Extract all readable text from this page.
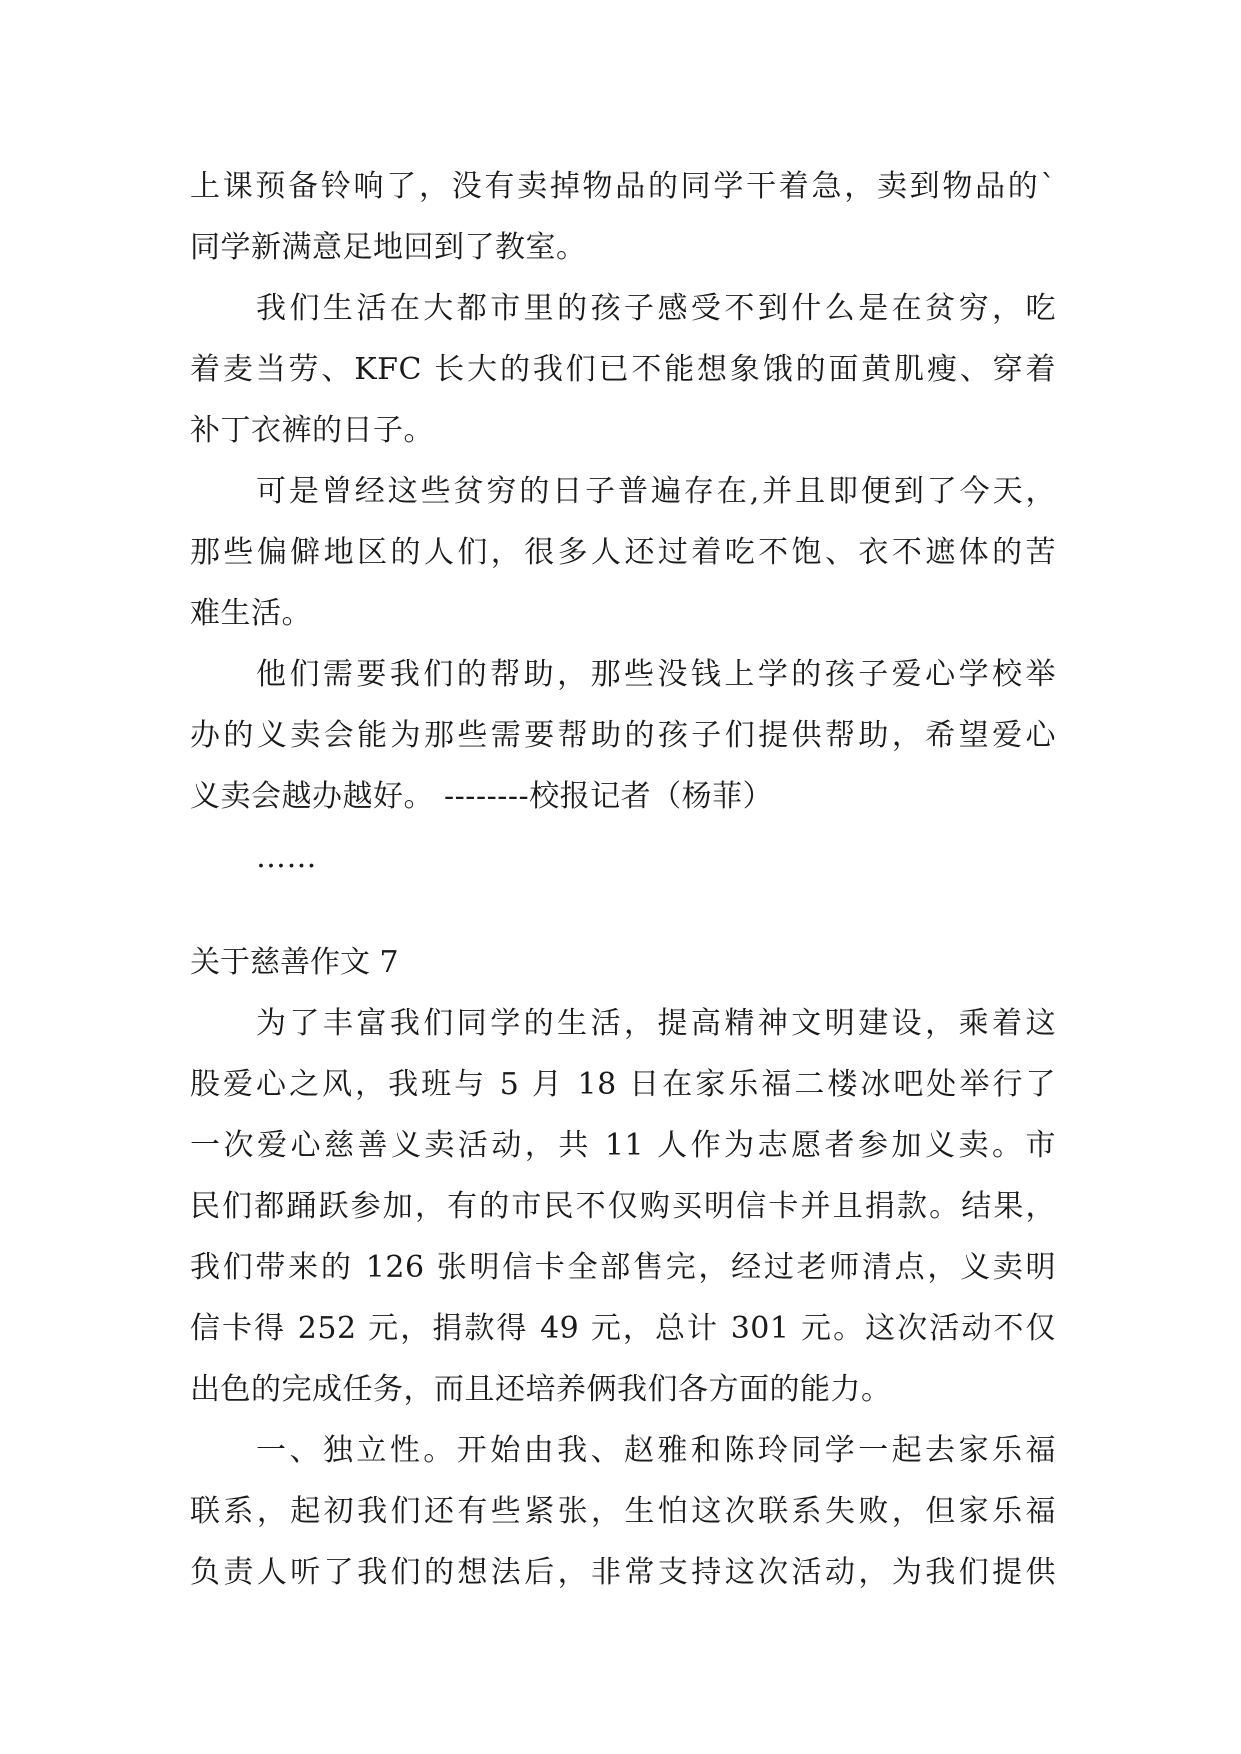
上课预备铃响了，没有卖掉物品的同学干着急，卖到物品的`
同学新满意足地回到了教室。
我们生活在大都市里的孩子感受不到什么是在贫穷，吃
着麦当劳、KFC 长大的我们已不能想象饿的面黄肌瘦、穿着
补丁衣裤的日子。
可是曾经这些贫穷的日子普遍存在,并且即便到了今天，
那些偏僻地区的人们，很多人还过着吃不饱、衣不遮体的苦
难生活。
他们需要我们的帮助，那些没钱上学的孩子爱心学校举
办的义卖会能为那些需要帮助的孩子们提供帮助，希望爱心
义卖会越办越好。 --------校报记者（杨菲）
……
关于慈善作文 7
为了丰富我们同学的生活，提高精神文明建设，乘着这
股爱心之风，我班与 5 月 18 日在家乐福二楼冰吧处举行了
一次爱心慈善义卖活动，共 11 人作为志愿者参加义卖。市
民们都踊跃参加，有的市民不仅购买明信卡并且捐款。结果，
我们带来的 126 张明信卡全部售完，经过老师清点，义卖明
信卡得 252 元，捐款得 49 元，总计 301 元。这次活动不仅
出色的完成任务，而且还培养俩我们各方面的能力。
一、独立性。开始由我、赵雅和陈玲同学一起去家乐福
联系，起初我们还有些紧张，生怕这次联系失败，但家乐福
负责人听了我们的想法后，非常支持这次活动，为我们提供
